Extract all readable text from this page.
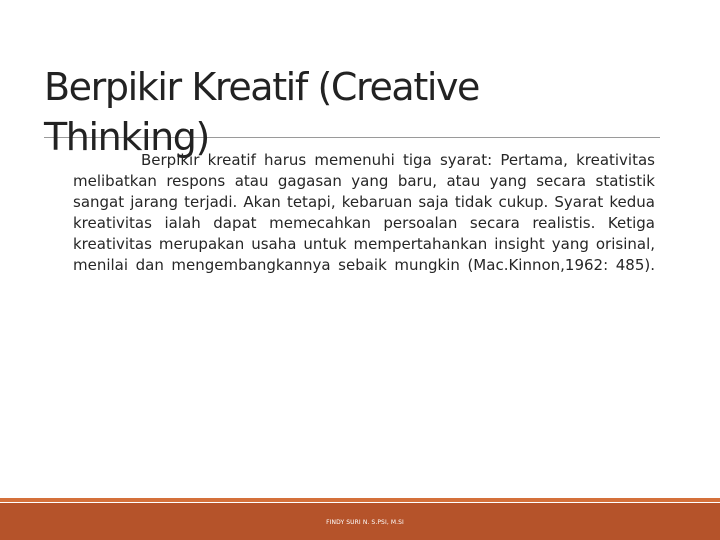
Berpikir Kreatif (Creative Thinking)

Berpikir kreatif harus memenuhi tiga syarat: Pertama, kreativitas melibatkan respons atau gagasan yang baru, atau yang secara statistik sangat jarang terjadi. Akan tetapi, kebaruan saja tidak cukup. Syarat kedua kreativitas ialah dapat memecahkan persoalan secara realistis. Ketiga kreativitas merupakan usaha untuk mempertahankan insight yang orisinal, menilai dan mengembangkannya sebaik mungkin (Mac.Kinnon,1962: 485).

FINDY SURI N. S.PSI, M.SI
